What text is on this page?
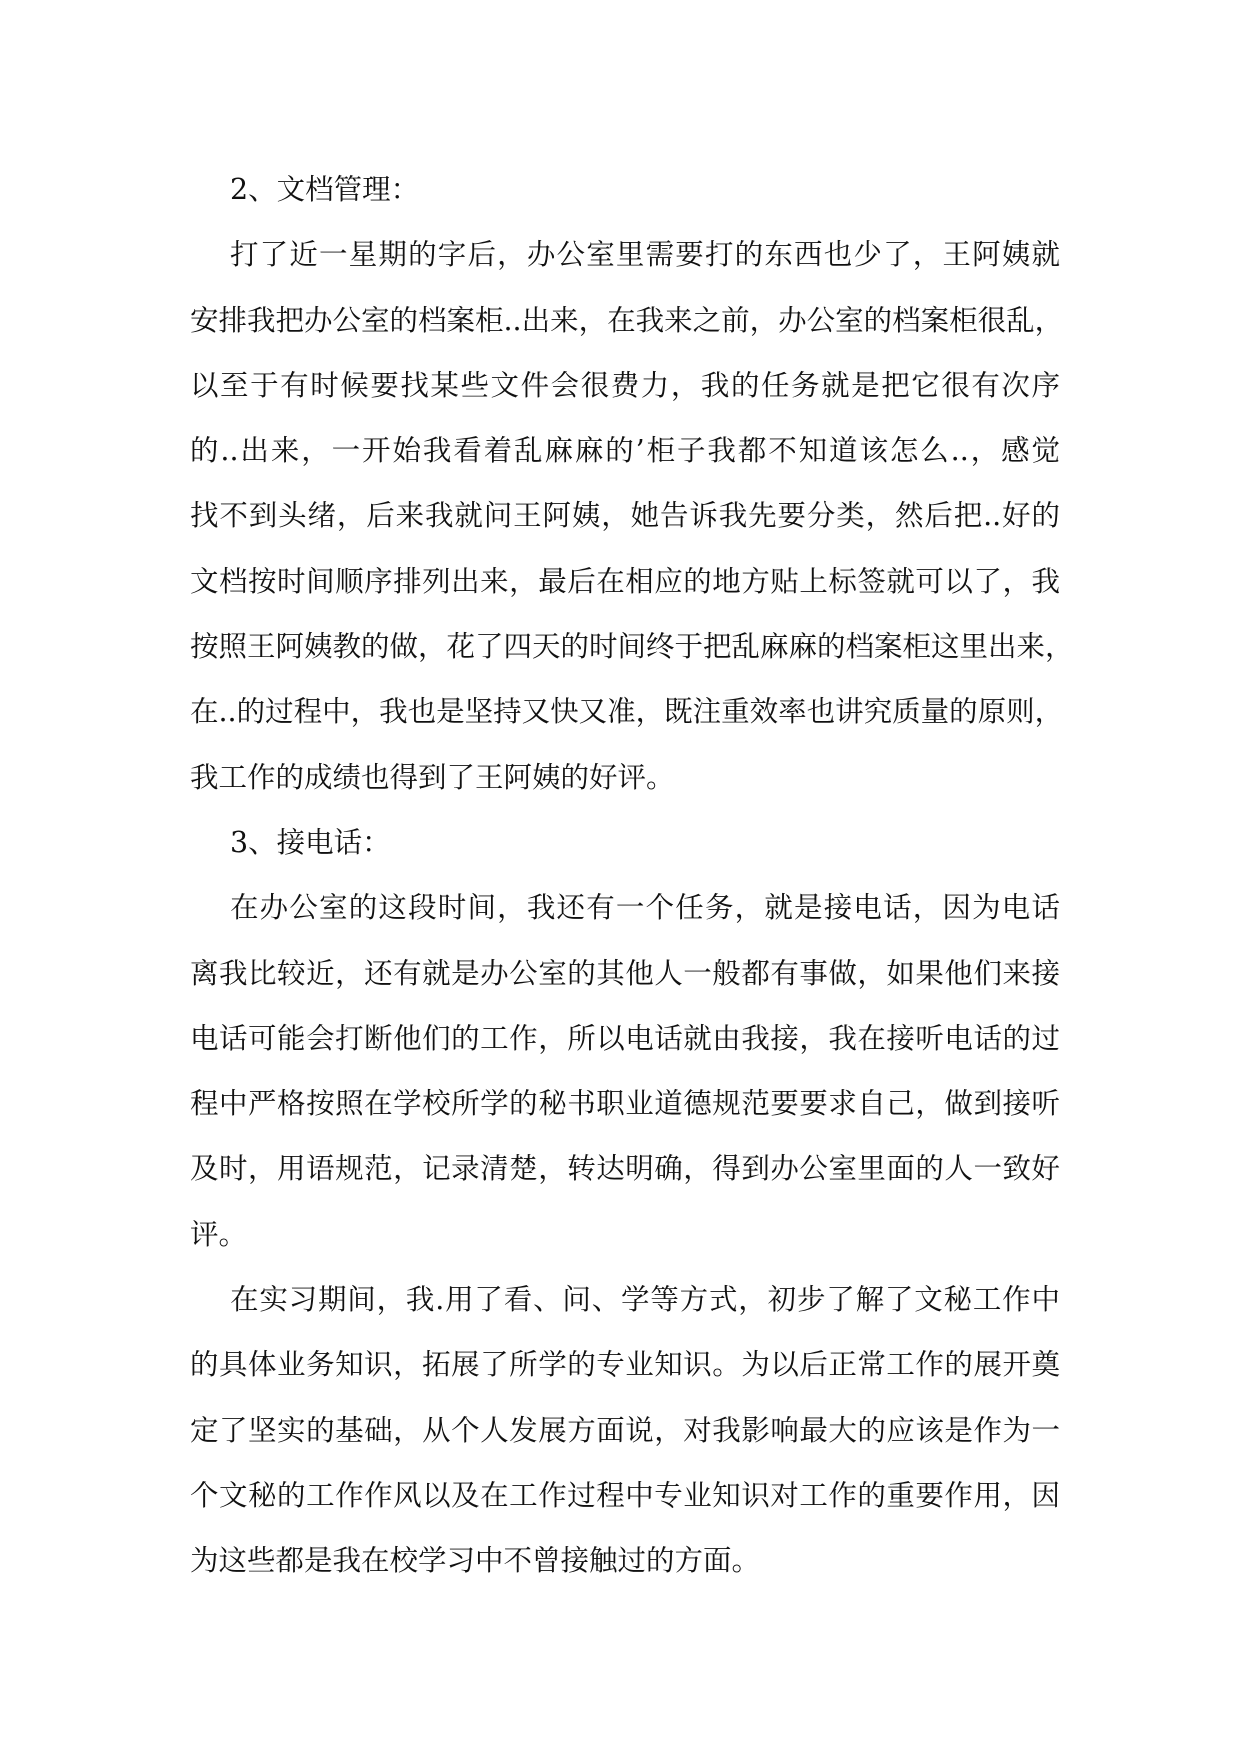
2、文档管理：
打了近一星期的字后，办公室里需要打的东西也少了，王阿姨就
安排我把办公室的档案柜..出来，在我来之前，办公室的档案柜很乱，
以至于有时候要找某些文件会很费力，我的任务就是把它很有次序
的..出来，一开始我看着乱麻麻的’柜子我都不知道该怎么..，感觉
找不到头绪，后来我就问王阿姨，她告诉我先要分类，然后把..好的
文档按时间顺序排列出来，最后在相应的地方贴上标签就可以了，我
按照王阿姨教的做，花了四天的时间终于把乱麻麻的档案柜这里出来，
在..的过程中，我也是坚持又快又准，既注重效率也讲究质量的原则，
我工作的成绩也得到了王阿姨的好评。
3、接电话：
在办公室的这段时间，我还有一个任务，就是接电话，因为电话
离我比较近，还有就是办公室的其他人一般都有事做，如果他们来接
电话可能会打断他们的工作，所以电话就由我接，我在接听电话的过
程中严格按照在学校所学的秘书职业道德规范要要求自己，做到接听
及时，用语规范，记录清楚，转达明确，得到办公室里面的人一致好
评。
在实习期间，我.用了看、问、学等方式，初步了解了文秘工作中
的具体业务知识，拓展了所学的专业知识。为以后正常工作的展开奠
定了坚实的基础，从个人发展方面说，对我影响最大的应该是作为一
个文秘的工作作风以及在工作过程中专业知识对工作的重要作用，因
为这些都是我在校学习中不曾接触过的方面。
